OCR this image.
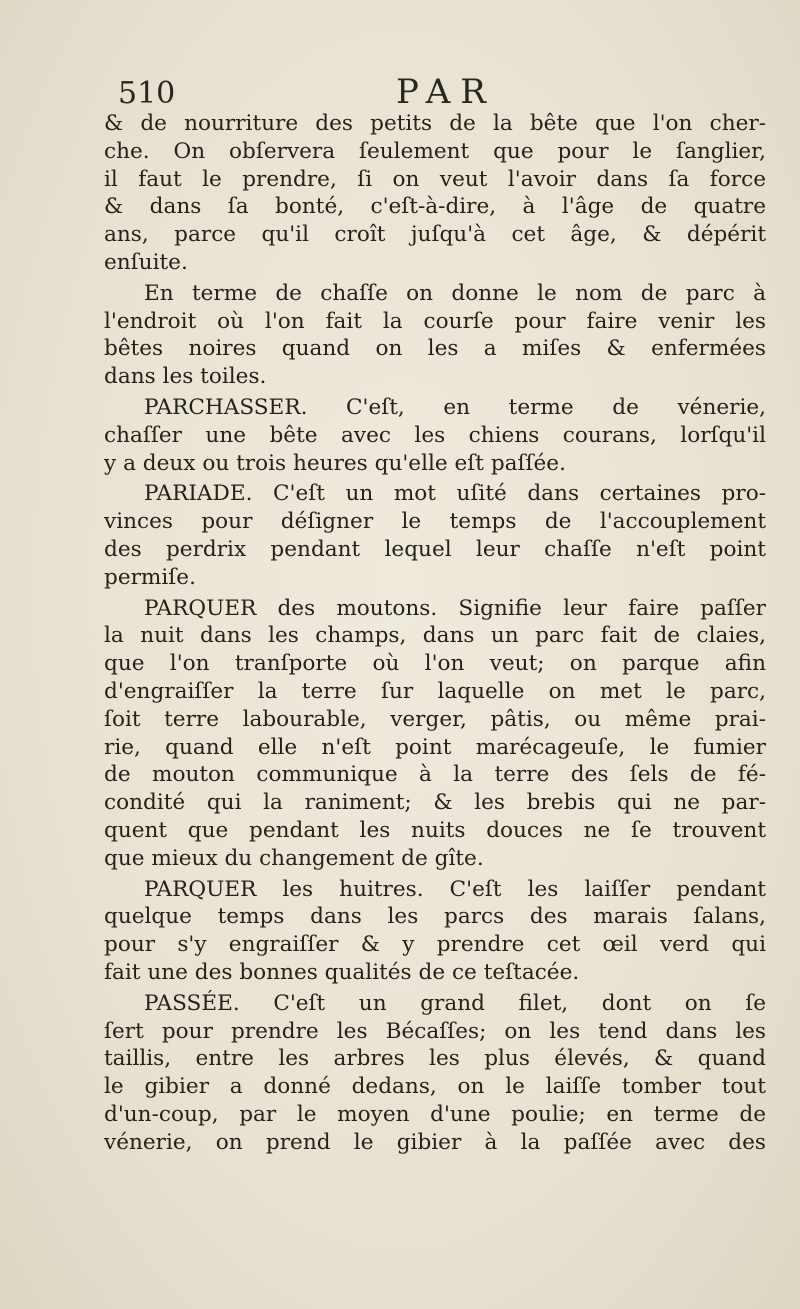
510	PAR
& de nourriture des petits de la bête que l'on cher-
che. On obſervera ſeulement que pour le ſanglier,
il faut le prendre, ſi on veut l'avoir dans ſa force
& dans ſa bonté, c'eſt-à-dire, à l'âge de quatre
ans, parce qu'il croît juſqu'à cet âge, & dépérit
enſuite.
En terme de chaſſe on donne le nom de parc à
l'endroit où l'on fait la courſe pour faire venir les
bêtes noires quand on les a miſes & enfermées
dans les toiles.
PARCHASSER. C'eſt, en terme de vénerie,
chaſſer une bête avec les chiens courans, lorſqu'il
y a deux ou trois heures qu'elle eſt paſſée.
PARIADE. C'eſt un mot uſité dans certaines pro-
vinces pour déſigner le temps de l'accouplement
des perdrix pendant lequel leur chaſſe n'eſt point
permiſe.
PARQUER des moutons. Signifie leur faire paſſer
la nuit dans les champs, dans un parc fait de claies,
que l'on tranſporte où l'on veut; on parque afin
d'engraiſſer la terre ſur laquelle on met le parc,
ſoit terre labourable, verger, pâtis, ou même prai-
rie, quand elle n'eſt point marécageuſe, le fumier
de mouton communique à la terre des ſels de fé-
condité qui la raniment; & les brebis qui ne par-
quent que pendant les nuits douces ne ſe trouvent
que mieux du changement de gîte.
PARQUER les huitres. C'eſt les laiſſer pendant
quelque temps dans les parcs des marais ſalans,
pour s'y engraiſſer & y prendre cet œil verd qui
fait une des bonnes qualités de ce teſtacée.
PASSÉE. C'eſt un grand filet, dont on ſe
ſert pour prendre les Bécaſſes; on les tend dans les
taillis, entre les arbres les plus élevés, & quand
le gibier a donné dedans, on le laiſſe tomber tout
d'un-coup, par le moyen d'une poulie; en terme de
vénerie, on prend le gibier à la paſſée avec des
